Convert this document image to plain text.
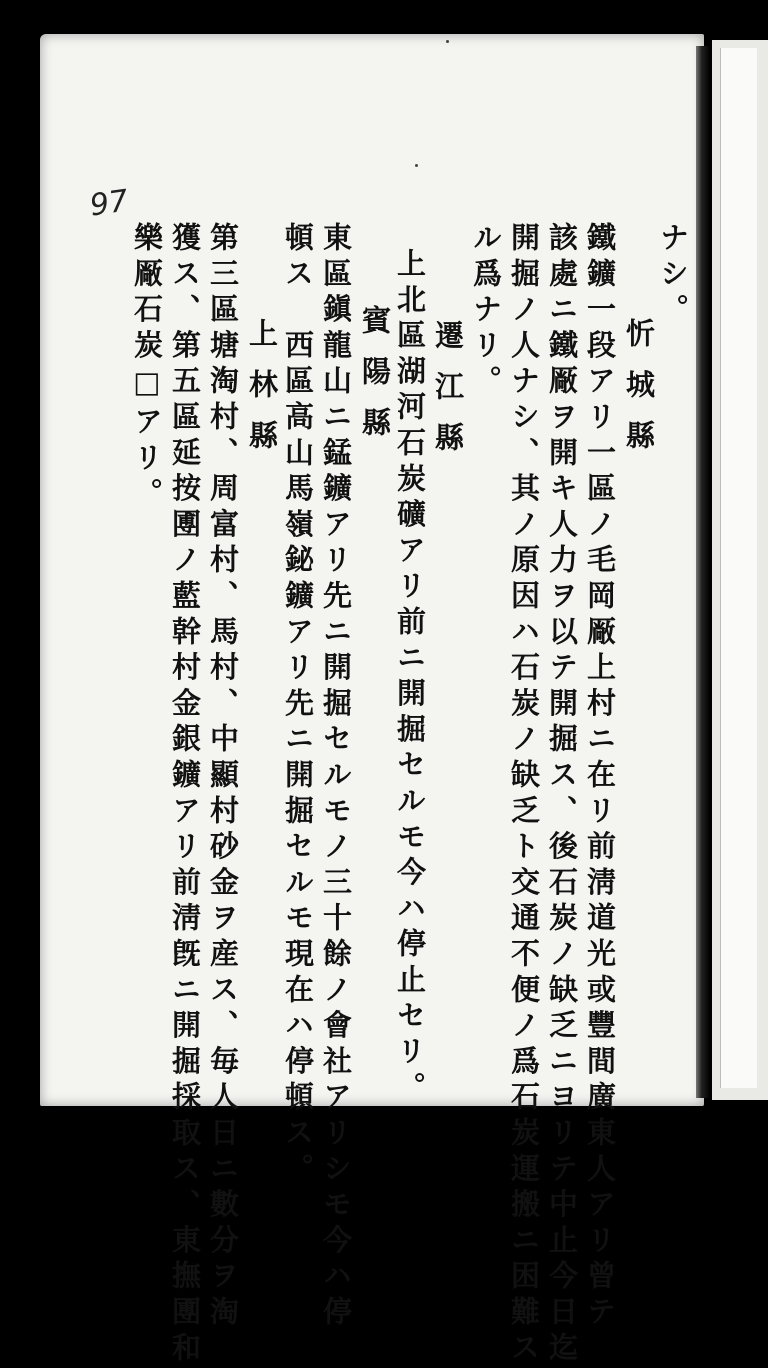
97
ナシ。
忻城縣
鐵鑛一段アリ一區ノ毛岡厰上村ニ在リ前淸道光或豐間廣東人アリ曾テ
該處ニ鐵厰ヲ開キ人力ヲ以テ開掘ス、後石炭ノ缺乏ニヨリテ中止今日迄
開掘ノ人ナシ、其ノ原因ハ石炭ノ缺乏ト交通不便ノ爲石炭運搬ニ困難ス
ル爲ナリ。
遷江縣
上北區湖河石炭礦アリ前ニ開掘セルモ今ハ停止セリ。
賓陽縣
東區鎭龍山ニ錳鑛アリ先ニ開掘セルモノ三十餘ノ會社アリシモ今ハ停
頓ス　西區高山馬嶺鉍鑛アリ先ニ開掘セルモ現在ハ停頓ス。
上林縣
第三區塘淘村、周富村、馬村、中顯村砂金ヲ産ス、毎人日ニ數分ヲ淘
獲ス、第五區延按圑ノ藍幹村金銀鑛アリ前淸旣ニ開掘採取ス、東撫圑和
樂厰石炭□アリ。
